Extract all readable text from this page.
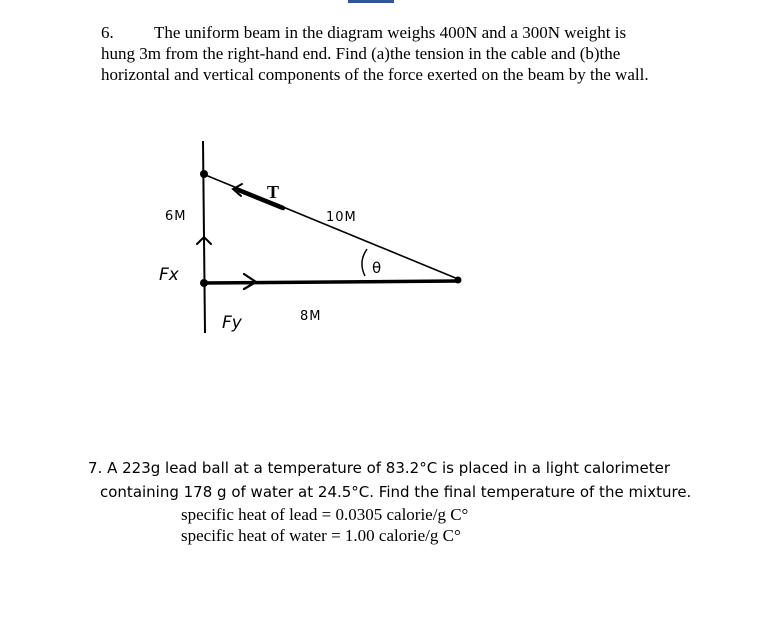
6. The uniform beam in the diagram weighs 400N and a 300N weight is
hung 3m from the right-hand end. Find (a)the tension in the cable and (b)the
horizontal and vertical components of the force exerted on the beam by the wall.
T
6M	10M
θ
Fx
Fy	8M
7. A 223g lead ball at a temperature of 83.2°C is placed in a light calorimeter
containing 178 g of water at 24.5°C. Find the final temperature of the mixture.
specific heat of lead = 0.0305 calorie/g C°
specific heat of water = 1.00 calorie/g C°
